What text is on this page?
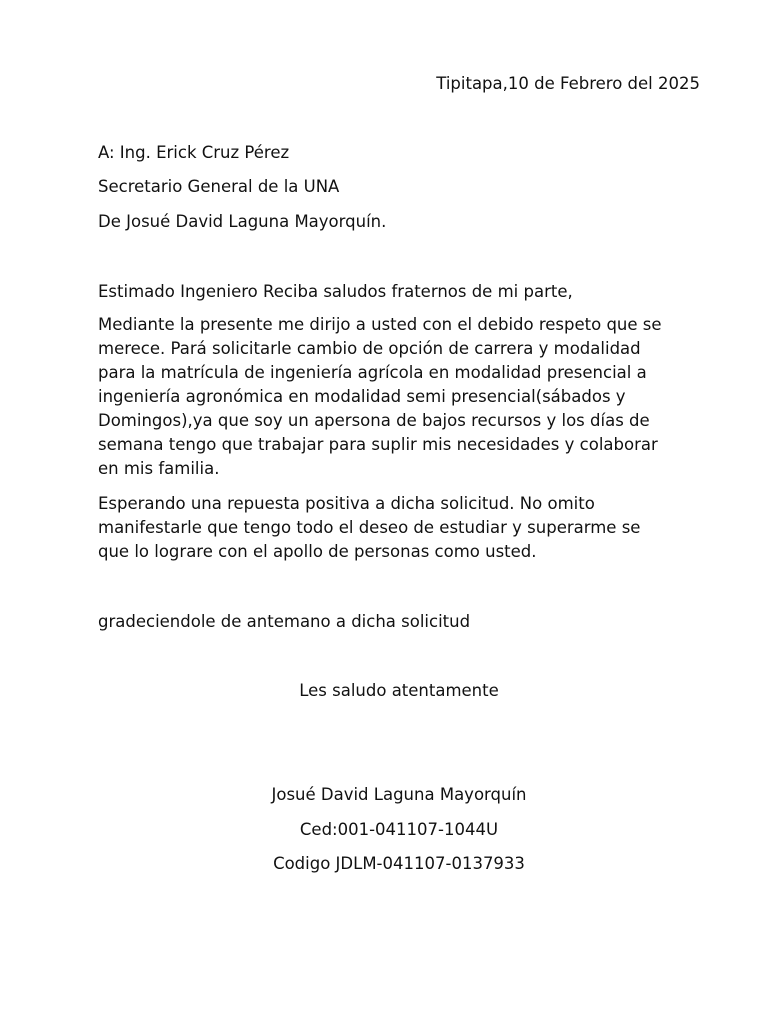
Tipitapa,10 de Febrero del 2025
A: Ing. Erick Cruz Pérez
Secretario General de la UNA
De Josué David Laguna Mayorquín.
Estimado Ingeniero Reciba saludos fraternos de mi parte,
Mediante la presente me dirijo a usted con el debido respeto que se
merece. Pará solicitarle cambio de opción de carrera y modalidad
para la matrícula de ingeniería agrícola en modalidad presencial a
ingeniería agronómica en modalidad semi presencial(sábados y
Domingos),ya que soy un apersona de bajos recursos y los días de
semana tengo que trabajar para suplir mis necesidades y colaborar
en mis familia.
Esperando una repuesta positiva a dicha solicitud. No omito
manifestarle que tengo todo el deseo de estudiar y superarme se
que lo lograre con el apollo de personas como usted.
gradeciendole de antemano a dicha solicitud
Les saludo atentamente
Josué David Laguna Mayorquín
Ced:001-041107-1044U
Codigo JDLM-041107-0137933
